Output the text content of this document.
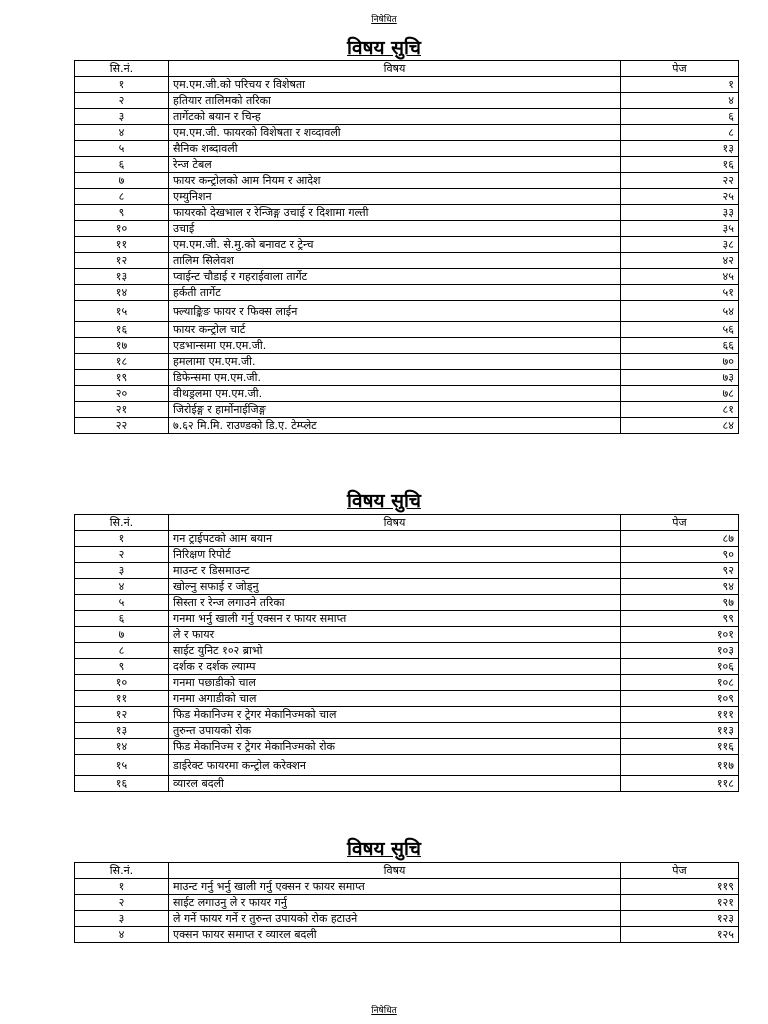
निषेधित
विषय सुचि
सि.नं.	विषय	पेज
१	एम.एम.जी.को परिचय र विशेषता	१
२	हतियार तालिमको तरिका	४
३	तार्गेटको बयान र चिन्ह	६
४	एम.एम.जी. फायरको विशेषता र शव्दावली	८
५	सैनिक शब्दावली	१३
६	रेन्ज टेबल	१६
७	फायर कन्ट्रोलको आम नियम र आदेश	२२
८	एम्युनिशन	२५
९	फायरको देखभाल र रेन्जिङ्ग उचाई र दिशामा गल्ती	३३
१०	उचाई	३५
११	एम.एम.जी. से.मु.को बनावट र ट्रेन्च	३८
१२	तालिम सिलेवश	४२
१३	प्वाईन्ट चौडाई र गहराईवाला तार्गेट	४५
१४	हर्कती तार्गेट	५१
१५	फ्ल्याङ्किङ फायर र फिक्स लाईन	५४
१६	फायर कन्ट्रोल चार्ट	५६
१७	एडभान्समा एम.एम.जी.	६६
१८	हमलामा एम.एम.जी.	७०
१९	डिफेन्समा एम.एम.जी.	७३
२०	वीथड्रलमा एम.एम.जी.	७८
२१	जिरोईङ्ग र हार्मोनाईजिङ्ग	८१
२२	७.६२ मि.मि. राउण्डको डि.ए. टेम्प्लेट	८४
विषय सुचि
सि.नं.	विषय	पेज
१	गन ट्राईपटको आम बयान	८७
२	निरिक्षण रिपोर्ट	९०
३	माउन्ट र डिसमाउन्ट	९२
४	खोल्नु सफाई र जोड्नु	९४
५	सिस्ता र रेन्ज लगाउने तरिका	९७
६	गनमा भर्नु खाली गर्नु एक्सन र फायर समाप्त	९९
७	ले र फायर	१०१
८	साईट युनिट १०२ ब्राभो	१०३
९	दर्शक र दर्शक ल्याम्प	१०६
१०	गनमा पछाडीको चाल	१०८
११	गनमा अगाडीको चाल	१०९
१२	फिड मेकानिज्म र ट्रेगर मेकानिज्मको चाल	१११
१३	तुरुन्त उपायको रोक	११३
१४	फिड मेकानिज्म र ट्रेगर मेकानिज्मको रोक	११६
१५	डाईरेक्ट फायरमा कन्ट्रोल करेक्शन	११७
१६	व्यारल बदली	११८
विषय सुचि
सि.नं.	विषय	पेज
१	माउन्ट गर्नु भर्नु खाली गर्नु एक्सन र फायर समाप्त	११९
२	साईट लगाउनु ले र फायर गर्नु	१२१
३	ले गर्ने फायर गर्ने र तुरुन्त उपायको रोक हटाउने	१२३
४	एक्सन फायर समाप्त र व्यारल बदली	१२५
निषेधित
